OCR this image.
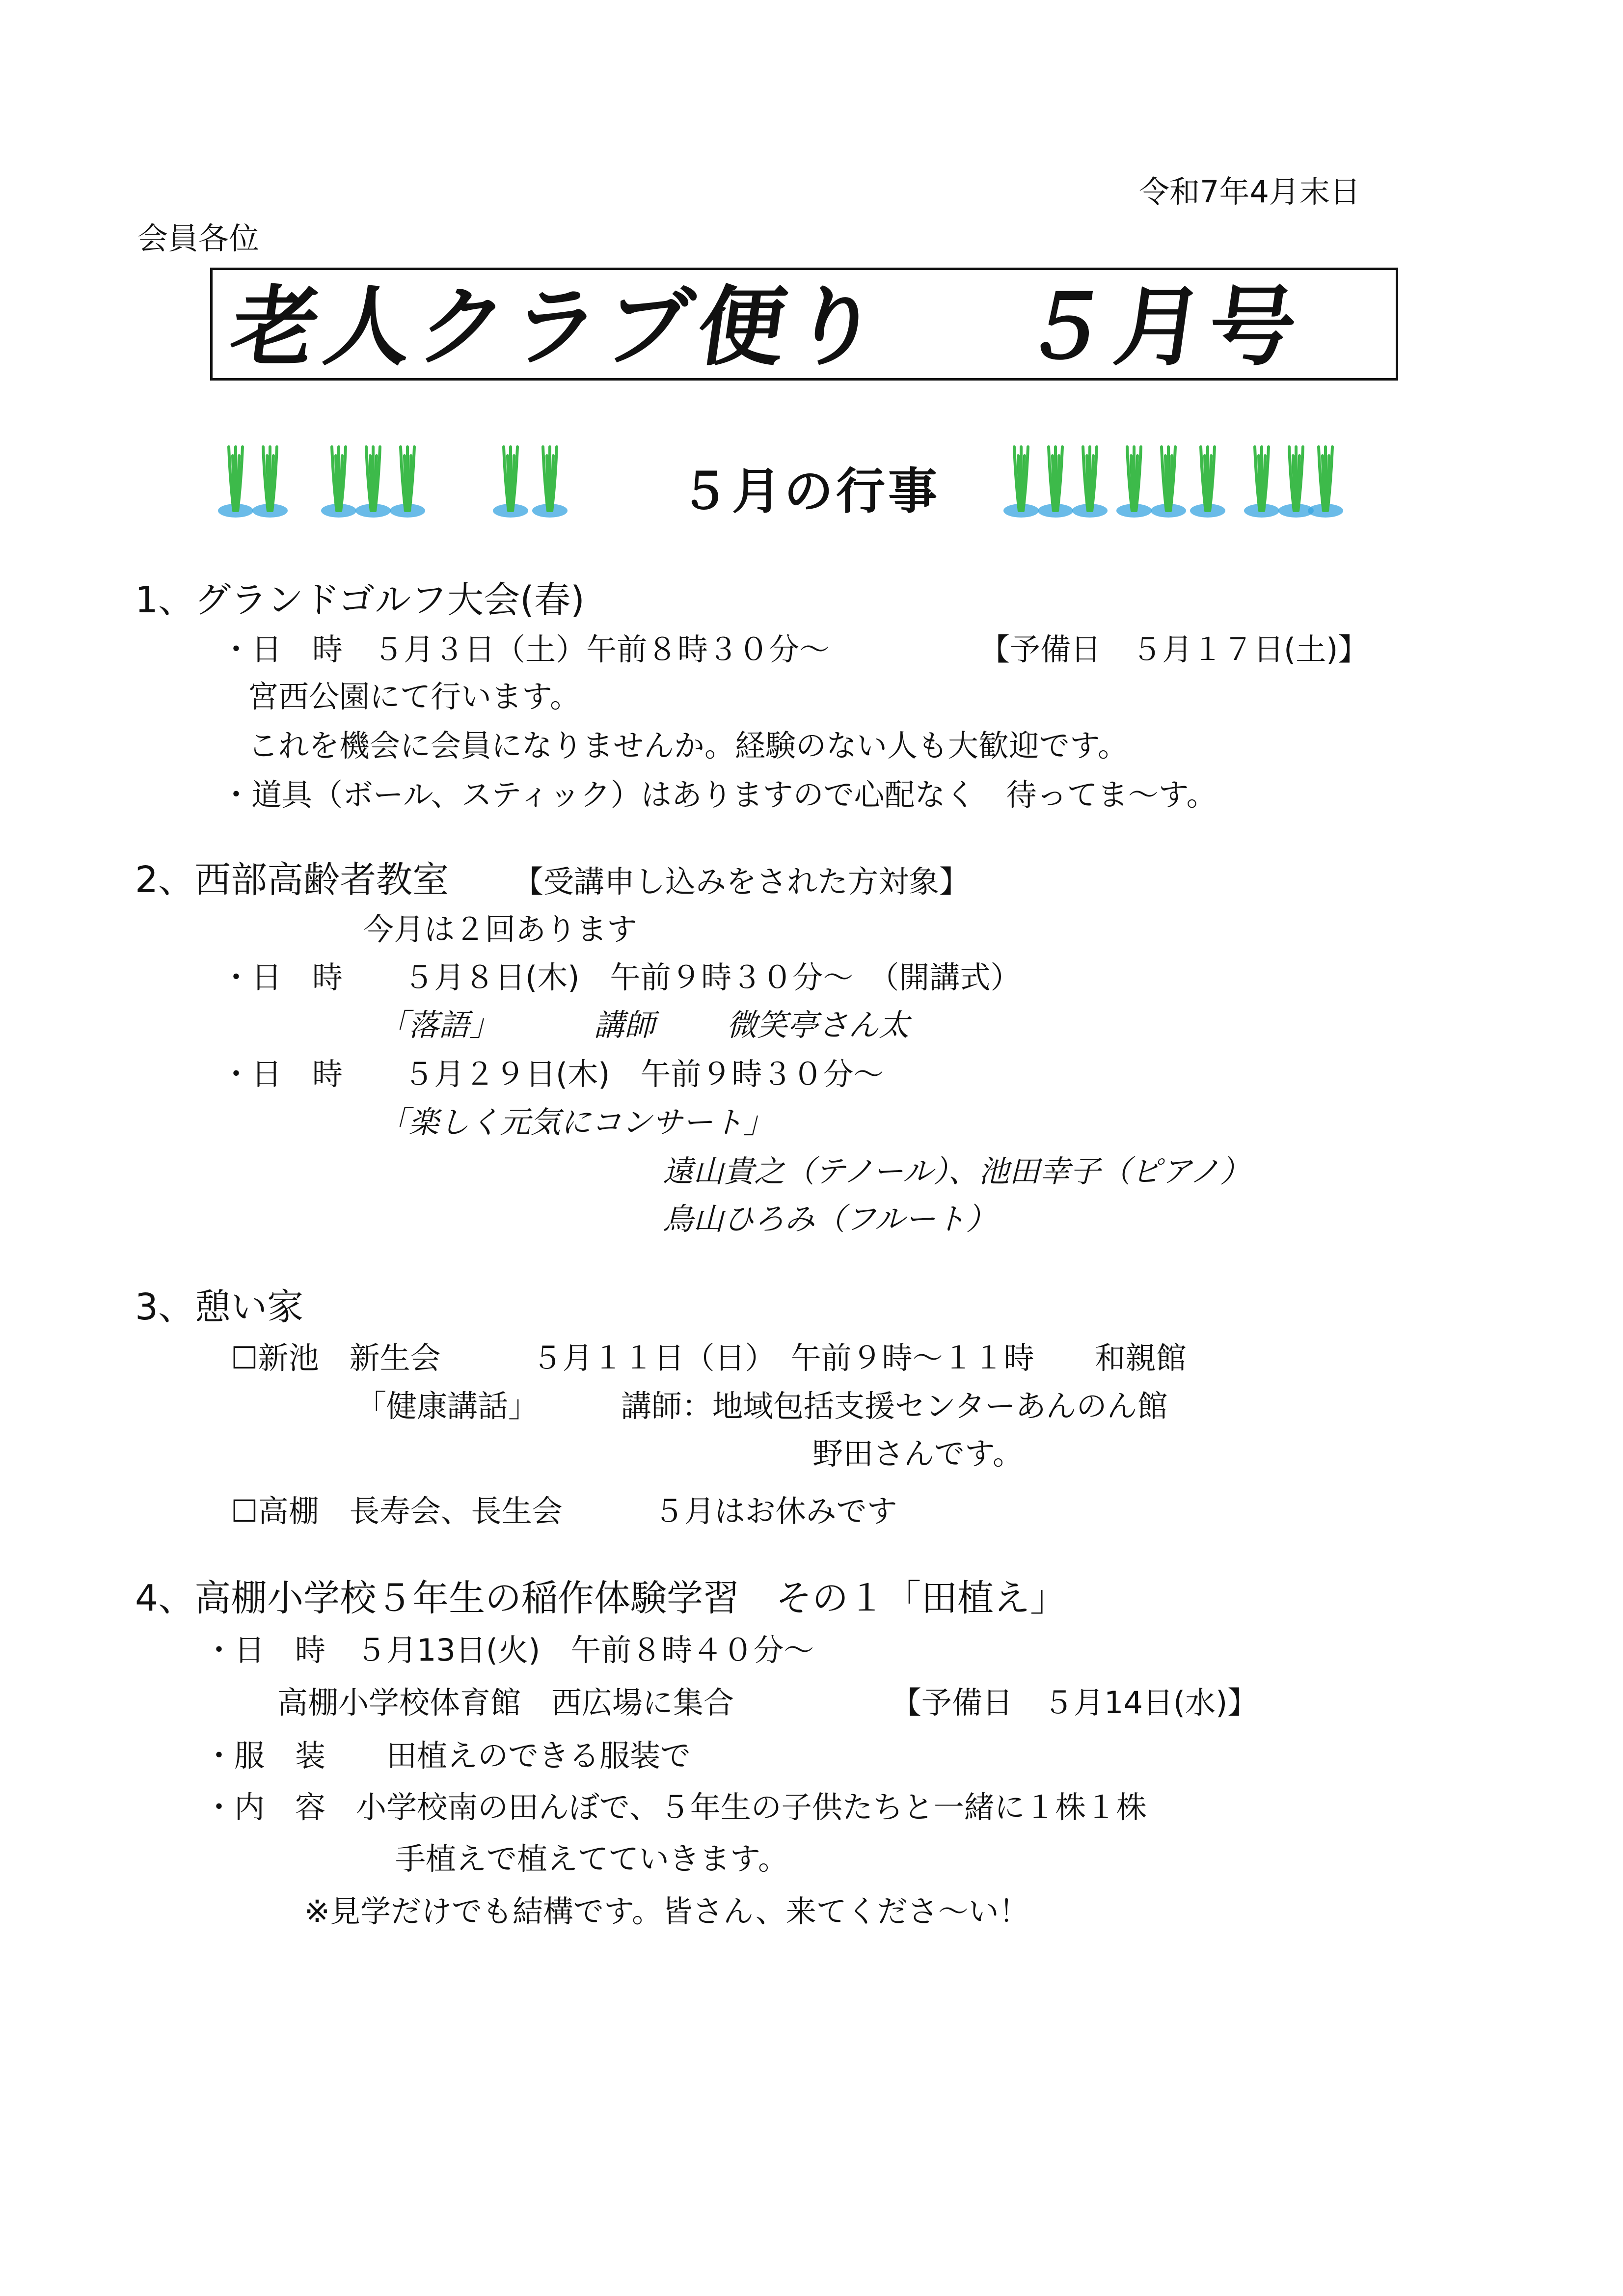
令和7年4月末日
会員各位
老人クラブ便り ５月号
５月の行事
1、グランドゴルフ大会(春)
・日　時　５月３日（土）午前８時３０分～	【予備日　５月１７日(土)】
宮西公園にて行います。
これを機会に会員になりませんか。経験のない人も大歓迎です。
・道具（ボール、スティック）はありますので心配なく　待ってま～す。
2、西部高齢者教室 【受講申し込みをされた方対象】
今月は２回あります
・日　時　　５月８日(木)　午前９時３０分～　（開講式）
「落語」	講師 微笑亭さん太
・日　時　　５月２９日(木)　午前９時３０分～
「楽しく元気にコンサート」
遠山貴之（テノール）、池田幸子（ピアノ）
鳥山ひろみ（フルート）
3、憩い家
☐新池　新生会　　　５月１１日（日）　午前９時～１１時　　和親館
「健康講話」	講師：地域包括支援センターあんのん館
野田さんです。
☐高棚　長寿会、長生会　　　５月はお休みです
4、高棚小学校５年生の稲作体験学習　その１「田植え」
・日　時　５月13日(火)　午前８時４０分～
高棚小学校体育館　西広場に集合	【予備日　５月14日(水)】
・服　装　　田植えのできる服装で
・内　容　小学校南の田んぼで、５年生の子供たちと一緒に１株１株
手植えで植えてていきます。
※見学だけでも結構です。皆さん、来てくださ～い！
